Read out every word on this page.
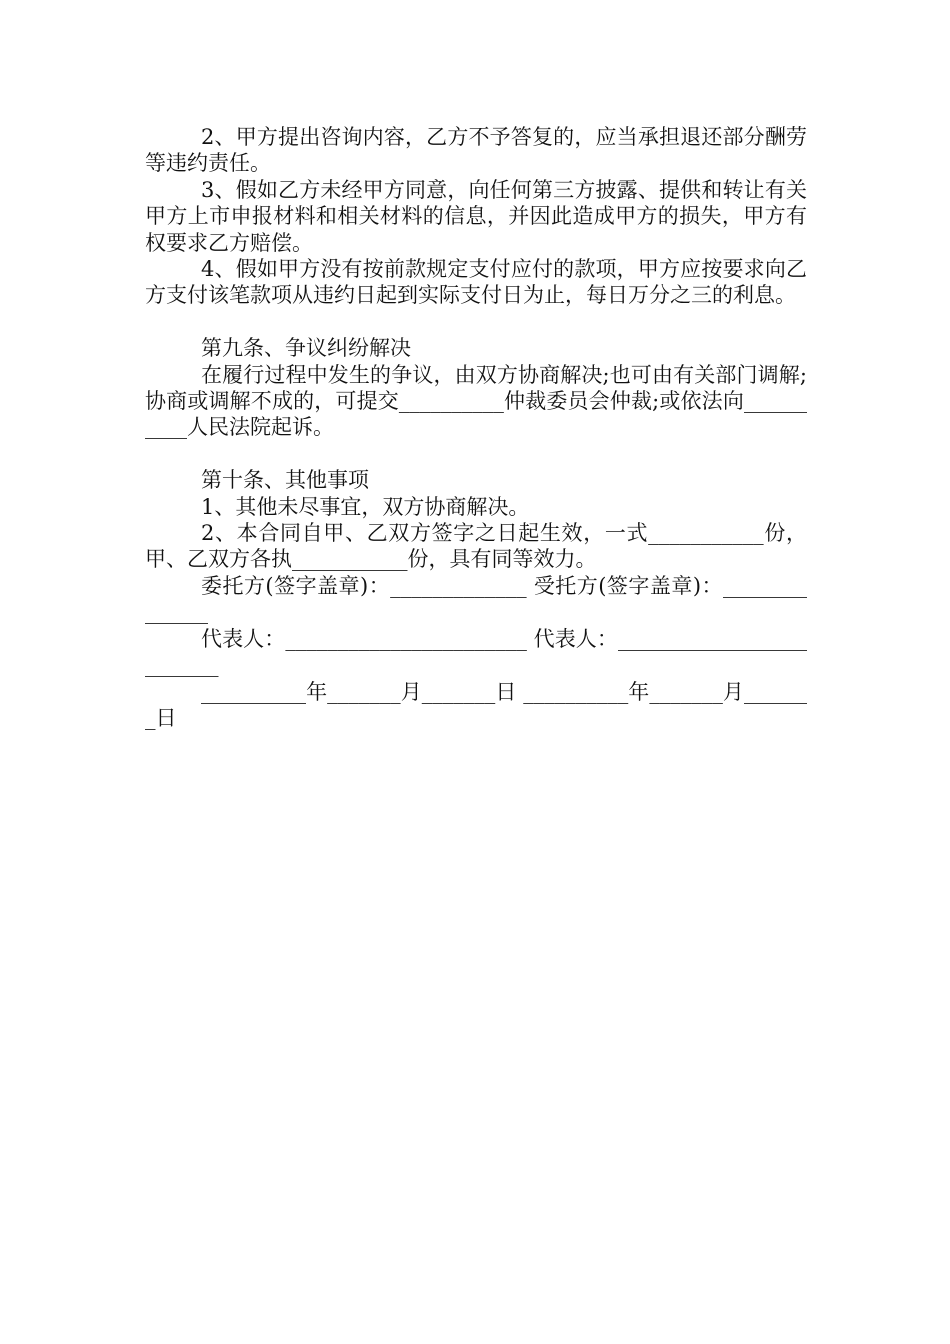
2、甲方提出咨询内容，乙方不予答复的，应当承担退还部分酬劳等违约责任。

3、假如乙方未经甲方同意，向任何第三方披露、提供和转让有关甲方上市申报材料和相关材料的信息，并因此造成甲方的损失，甲方有权要求乙方赔偿。

4、假如甲方没有按前款规定支付应付的款项，甲方应按要求向乙方支付该笔款项从违约日起到实际支付日为止，每日万分之三的利息。

第九条、争议纠纷解决

在履行过程中发生的争议，由双方协商解决;也可由有关部门调解;协商或调解不成的，可提交__________仲裁委员会仲裁;或依法向__________人民法院起诉。

第十条、其他事项

1、其他未尽事宜，双方协商解决。

2、本合同自甲、乙双方签字之日起生效，一式___________份，甲、乙双方各执___________份，具有同等效力。

委托方(签字盖章)：_____________ 受托方(签字盖章)：______________

代表人：_______________________ 代表人：_________________________

__________年_______月_______日 __________年_______月_______日
